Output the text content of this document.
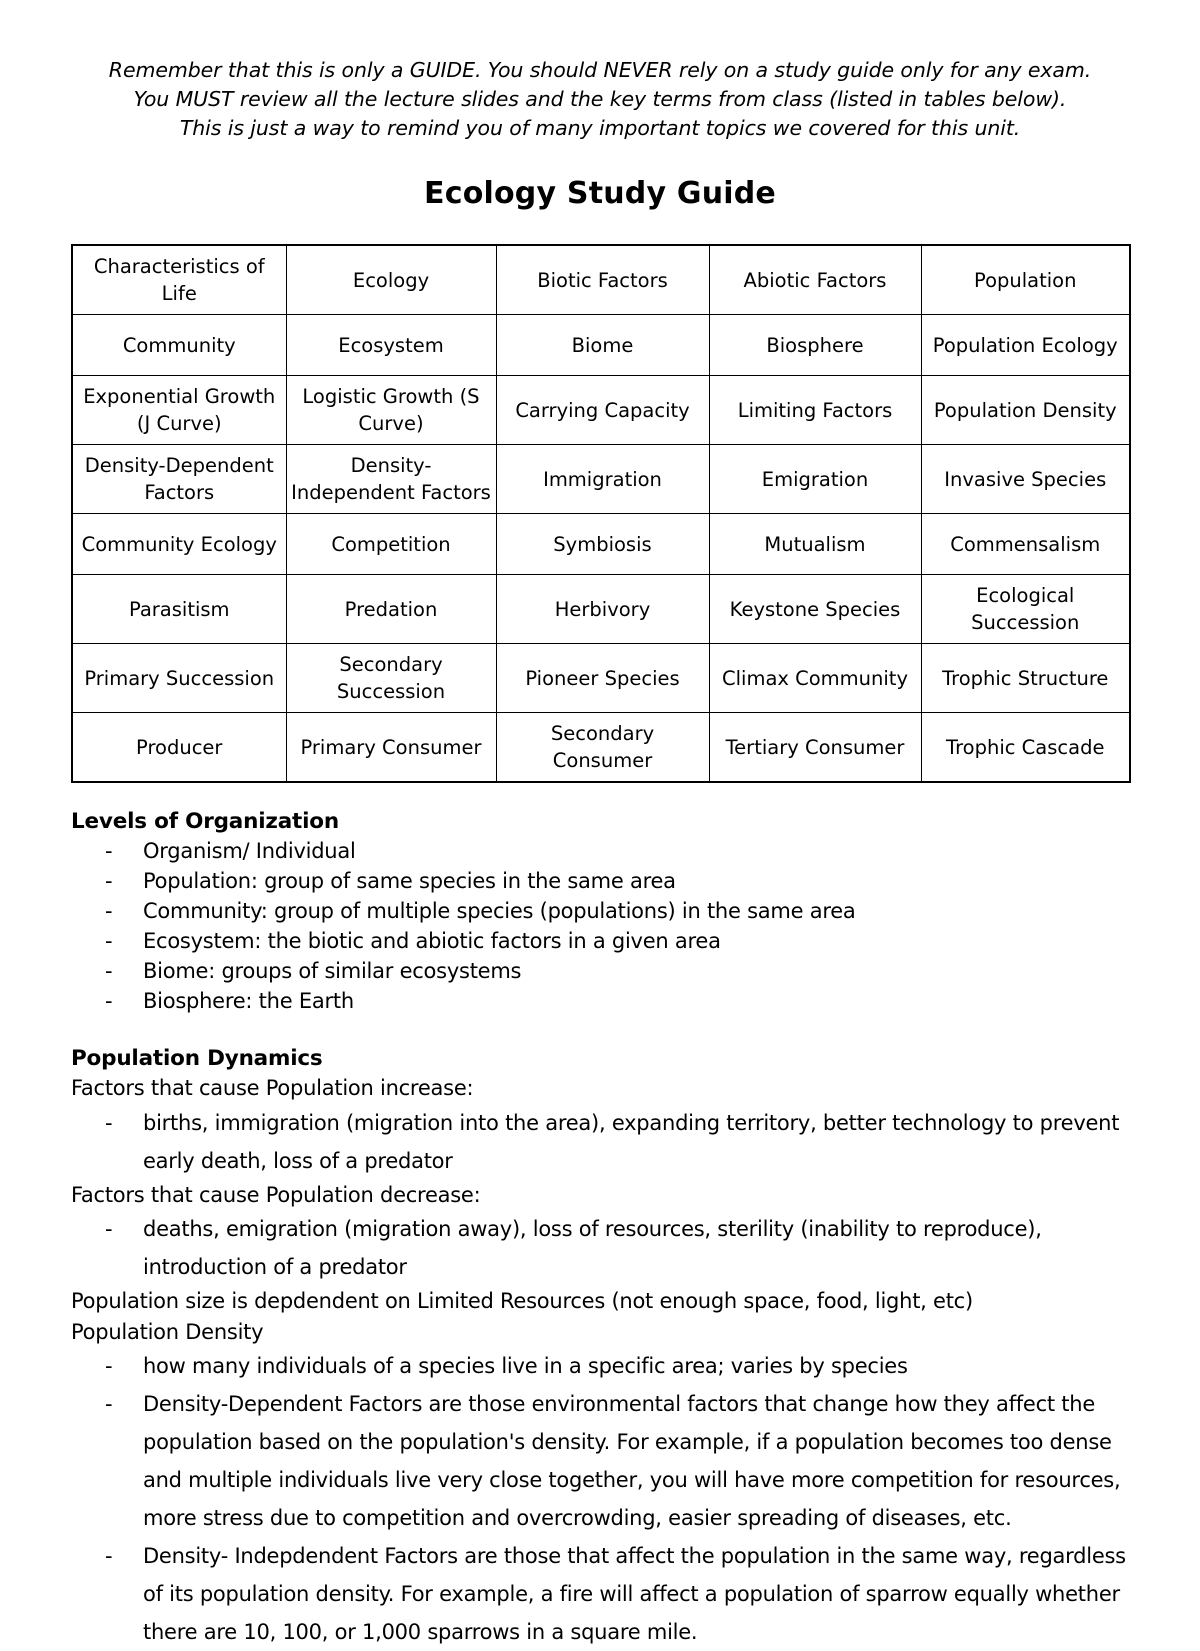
Remember that this is only a GUIDE. You should NEVER rely on a study guide only for any exam.
You MUST review all the lecture slides and the key terms from class (listed in tables below).
This is just a way to remind you of many important topics we covered for this unit.
Ecology Study Guide
Characteristics of Life	Ecology	Biotic Factors	Abiotic Factors	Population
Community	Ecosystem	Biome	Biosphere	Population Ecology
Exponential Growth (J Curve)	Logistic Growth (S Curve)	Carrying Capacity	Limiting Factors	Population Density
Density-Dependent Factors	Density-Independent Factors	Immigration	Emigration	Invasive Species
Community Ecology	Competition	Symbiosis	Mutualism	Commensalism
Parasitism	Predation	Herbivory	Keystone Species	Ecological Succession
Primary Succession	Secondary Succession	Pioneer Species	Climax Community	Trophic Structure
Producer	Primary Consumer	Secondary Consumer	Tertiary Consumer	Trophic Cascade
Levels of Organization
- Organism/ Individual
- Population: group of same species in the same area
- Community: group of multiple species (populations) in the same area
- Ecosystem: the biotic and abiotic factors in a given area
- Biome: groups of similar ecosystems
- Biosphere: the Earth
Population Dynamics

Factors that cause Population increase:

- births, immigration (migration into the area), expanding territory, better technology to prevent early death, loss of a predator

Factors that cause Population decrease:

- deaths, emigration (migration away), loss of resources, sterility (inability to reproduce), introduction of a predator

Population size is depdendent on Limited Resources (not enough space, food, light, etc)

Population Density

- how many individuals of a species live in a specific area; varies by species
- Density-Dependent Factors are those environmental factors that change how they affect the population based on the population's density. For example, if a population becomes too dense and multiple individuals live very close together, you will have more competition for resources, more stress due to competition and overcrowding, easier spreading of diseases, etc.
- Density- Indepdendent Factors are those that affect the population in the same way, regardless of its population density. For example, a fire will affect a population of sparrow equally whether there are 10, 100, or 1,000 sparrows in a square mile.
